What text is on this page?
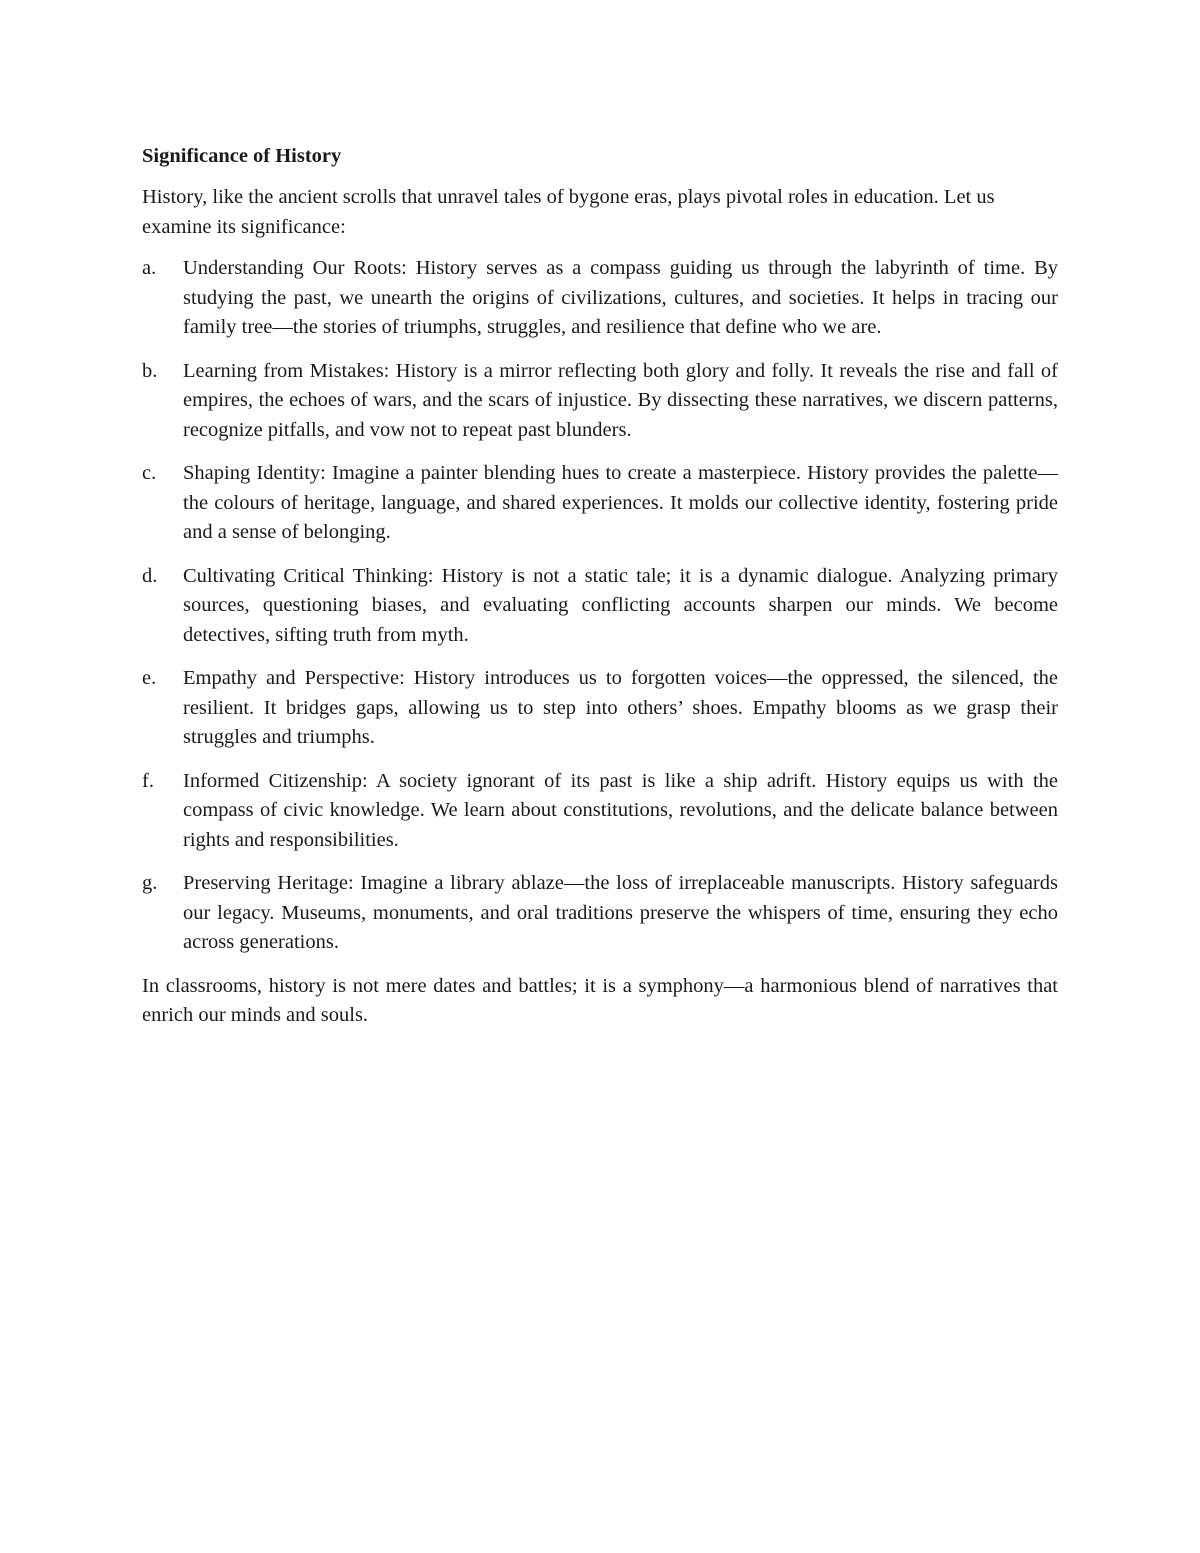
Significance of History

History, like the ancient scrolls that unravel tales of bygone eras, plays pivotal roles in education. Let us examine its significance:

a.	Understanding Our Roots: History serves as a compass guiding us through the labyrinth of time. By studying the past, we unearth the origins of civilizations, cultures, and societies. It helps in tracing our family tree—the stories of triumphs, struggles, and resilience that define who we are.
b.	Learning from Mistakes: History is a mirror reflecting both glory and folly. It reveals the rise and fall of empires, the echoes of wars, and the scars of injustice. By dissecting these narratives, we discern patterns, recognize pitfalls, and vow not to repeat past blunders.
c.	Shaping Identity: Imagine a painter blending hues to create a masterpiece. History provides the palette—the colours of heritage, language, and shared experiences. It molds our collective identity, fostering pride and a sense of belonging.
d.	Cultivating Critical Thinking: History is not a static tale; it is a dynamic dialogue. Analyzing primary sources, questioning biases, and evaluating conflicting accounts sharpen our minds. We become detectives, sifting truth from myth.
e.	Empathy and Perspective: History introduces us to forgotten voices—the oppressed, the silenced, the resilient. It bridges gaps, allowing us to step into others’ shoes. Empathy blooms as we grasp their struggles and triumphs.
f.	Informed Citizenship: A society ignorant of its past is like a ship adrift. History equips us with the compass of civic knowledge. We learn about constitutions, revolutions, and the delicate balance between rights and responsibilities.
g.	Preserving Heritage: Imagine a library ablaze—the loss of irreplaceable manuscripts. History safeguards our legacy. Museums, monuments, and oral traditions preserve the whispers of time, ensuring they echo across generations.

In classrooms, history is not mere dates and battles; it is a symphony—a harmonious blend of narratives that enrich our minds and souls.
